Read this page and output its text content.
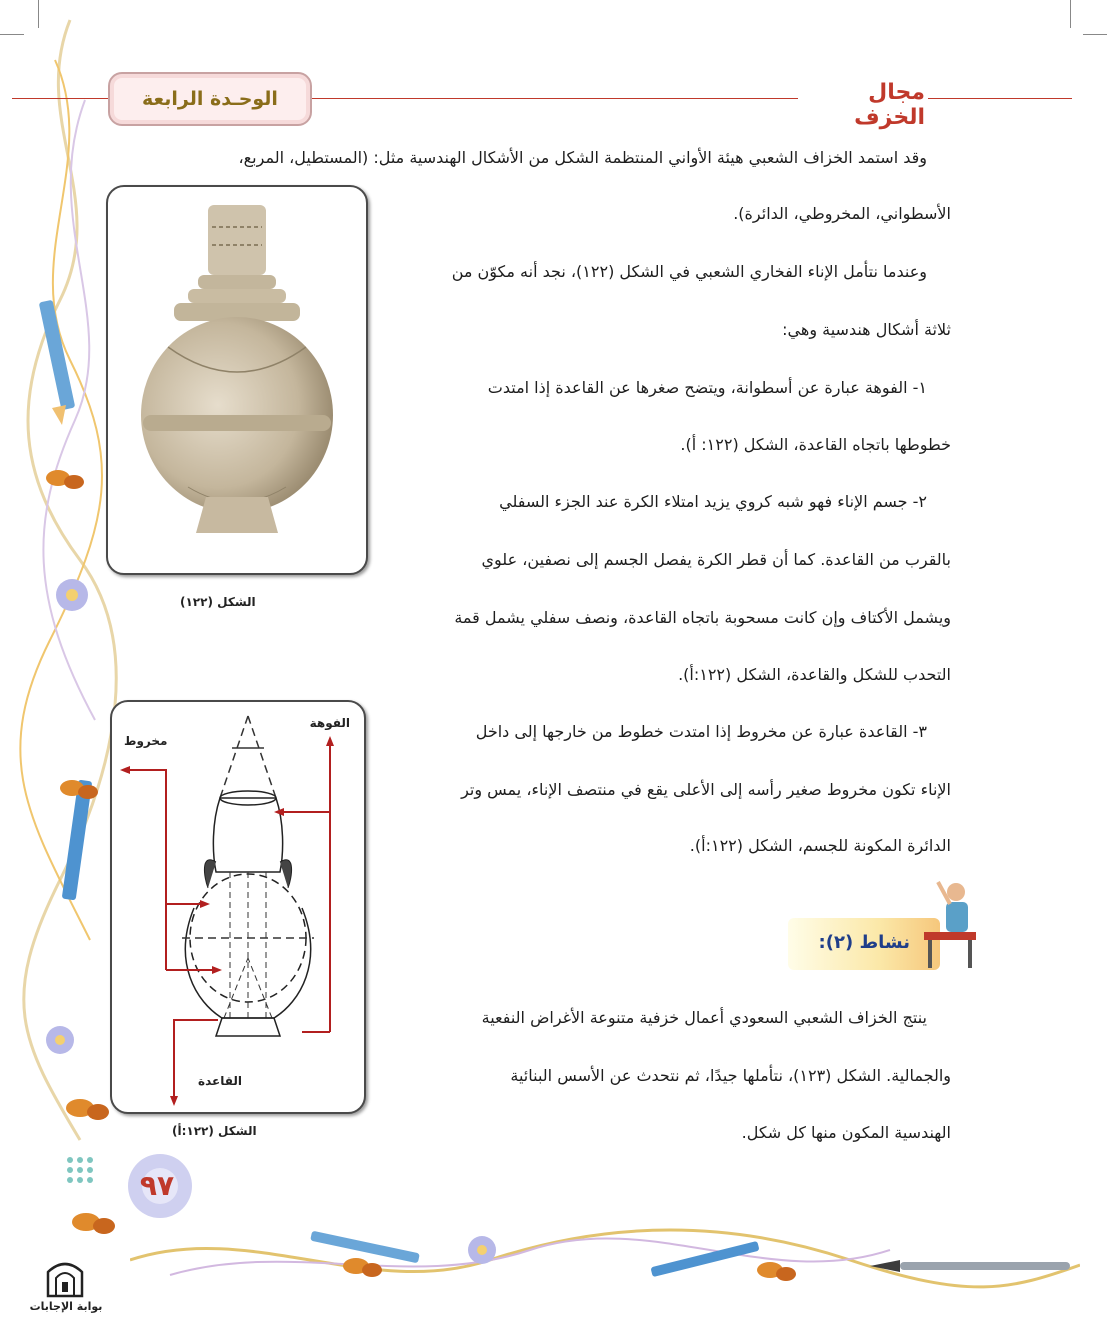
الوحـدة الرابعة	مجال الخزف
وقد استمد الخزاف الشعبي هيئة الأواني المنتظمة الشكل من الأشكال الهندسية مثل: (المستطيل، المربع،
الأسطواني، المخروطي، الدائرة).
وعندما نتأمل الإناء الفخاري الشعبي في الشكل (١٢٢)، نجد أنه مكوّن من
ثلاثة أشكال هندسية وهي:
١- الفوهة عبارة عن أسطوانة، ويتضح صغرها عن القاعدة إذا امتدت
خطوطها باتجاه القاعدة، الشكل (١٢٢: أ).
٢- جسم الإناء فهو شبه كروي يزيد امتلاء الكرة عند الجزء السفلي
بالقرب من القاعدة. كما أن قطر الكرة يفصل الجسم إلى نصفين، علوي
ويشمل الأكتاف وإن كانت مسحوبة باتجاه القاعدة، ونصف سفلي يشمل قمة
التحدب للشكل والقاعدة، الشكل (١٢٢:أ).
٣- القاعدة عبارة عن مخروط إذا امتدت خطوط من خارجها إلى داخل
الإناء تكون مخروط صغير رأسه إلى الأعلى يقع في منتصف الإناء، يمس وتر
الدائرة المكونة للجسم، الشكل (١٢٢:أ).
نشاط (٢):
ينتج الخزاف الشعبي السعودي أعمال خزفية متنوعة الأغراض النفعية
والجمالية. الشكل (١٢٣)، نتأملها جيدًا، ثم نتحدث عن الأسس البنائية
الهندسية المكون منها كل شكل.
الشكل (١٢٢)
الفوهة
مخروط
القاعدة
الشكل (١٢٢:أ)
٩٧
بوابة الإجابات
